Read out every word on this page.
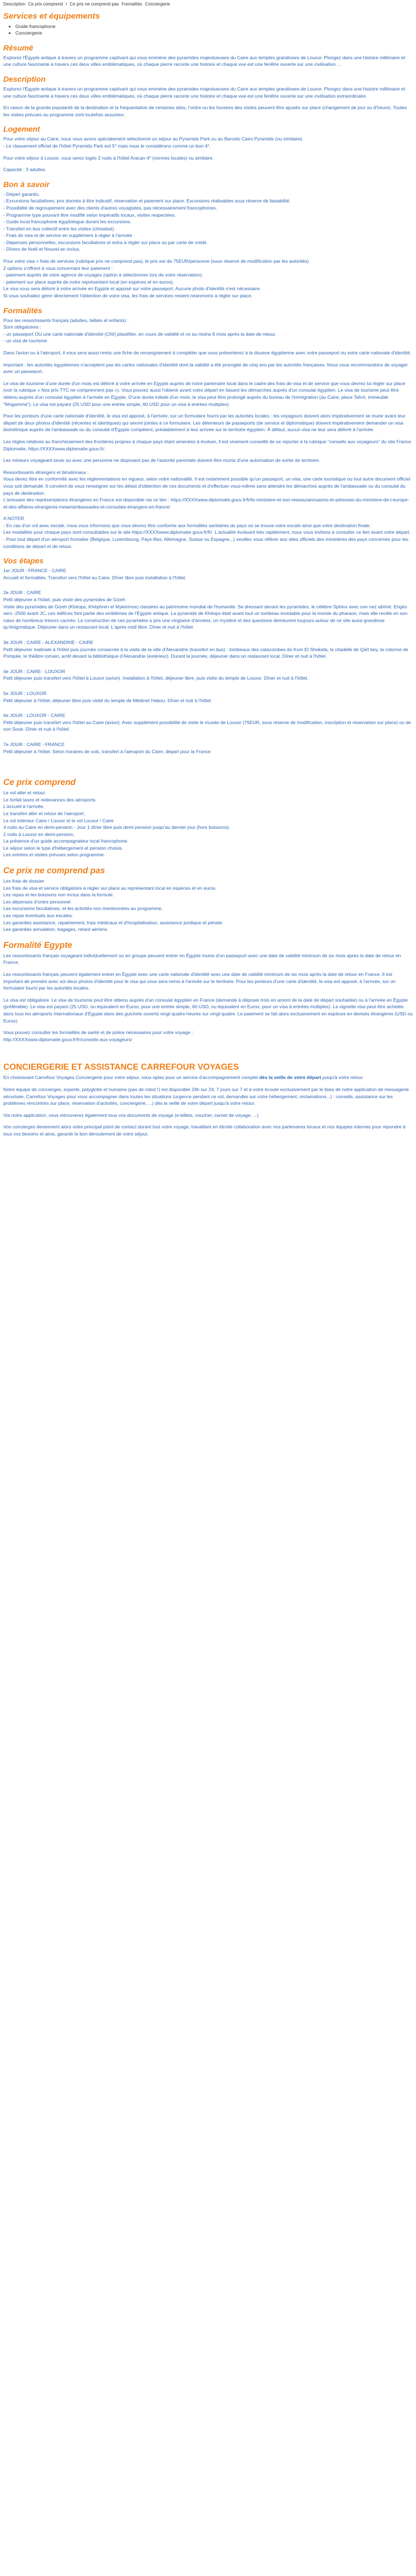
Description Ce prix comprend / Ce prix ne comprend pas Formalités Conciergerie
Services et équipements
• Guide francophone
• Conciergerie
Résumé

Explorez l'Égypte antique à travers un programme captivant qui vous emmène des pyramides majestueuses du Caire aux temples grandioses de Louxor. Plongez dans une histoire millénaire et une culture fascinante à travers ces deux villes emblématiques, où chaque pierre raconte une histoire et chaque vue est une fenêtre ouverte sur une civilisation ...

Description

Explorez l'Égypte antique à travers un programme captivant qui vous emmène des pyramides majestueuses du Caire aux temples grandioses de Louxor. Plongez dans une histoire millénaire et une culture fascinante à travers ces deux villes emblématiques, où chaque pierre raconte une histoire et chaque vue est une fenêtre ouverte sur une civilisation extraordinaire

En raison de la grande popularité de la destination et la fréquentation de certaines sites, l'ordre ou les horaires des visites peuvent être ajustés sur place (changement de jour ou d'heure). Toutes les visites prévues au programme sont toutefois assurées.

Logement
Pour votre séjour au Caire, nous vous avons spécialement sélectionné un séjour au Pyramids Park ou au Barcelo Cairo Pyramids (ou similaire).
- Le classement officiel de l'hôtel Pyramids Park est 5* mais nous le considérons comme un bon 4*.
Pour votre séjour à Louxor, vous serez logés 2 nuits à l'hôtel Aracan 4* (normes locales) ou similaire.
Capacité : 3 adultes.
Bon à savoir
- Départ garantis.
- Excursions facultatives, prix donnés à titre indicatif, réservation et paiement sur place. Excursions réalisables sous réserve de faisabilité.
- Possibilité de regroupement avec des clients d'autres voyagistes, pas nécessairement francophones.
- Programme type pouvant être modifié selon impératifs locaux, visites respectées.
- Guide local francophone égyptologue durant les excursions.
- Transfert en bus collectif entre les visites (climatisé).
- Frais de visa et de service en supplément à régler à l'arrivée
- Dépenses personnelles, excursions facultatives et extra à régler sur place ou par carte de crédit.
- Dîners de Noël et Nouvel an inclus.
Pour votre visa + frais de services (rubrique prix ne comprend pas), le prix est de 75EUR/personne (sous réserve de modification par les autorités)
2 options s'offrent à vous concernant leur paiement :
- paiement auprès de votre agence de voyages (option à sélectionner lors de votre réservation).
- paiement sur place auprès de notre représentant local (en espèces et en euros).
Le visa vous sera délivré à votre arrivée en Egypte et apposé sur votre passeport. Aucune photo d'identité n'est nécessaire.
Si vous souhaitez gérer directement l'obtention de votre visa, les frais de services restent néanmoins à régler sur place.
Formalités
Pour les ressortissants français (adultes, bébés et enfants) :
Sont obligatoires :
- un passeport OU une carte nationale d'identité (CNI) plastifiée, en cours de validité et ce au moins 6 mois après la date de retour,
- un visa de tourisme

Dans l'avion ou à l'aéroport, il vous sera aussi remis une fiche de renseignement à compléter que vous présenterez à la douane égyptienne avec votre passeport ou votre carte nationale d'identité.

Important : les autorités égyptiennes n'acceptent pas les cartes nationales d'identité dont la validité a été prorogée de cinq ans par les autorités françaises. Nous vous recommandons de voyager avec un passeport.

Le visa de tourisme d'une durée d'un mois est délivré à votre arrivée en Egypte auprès de notre partenaire local dans le cadre des frais de visa et de service que vous devrez lui régler sur place (voir la rubrique « Nos prix TTC ne comprennent pas »). Vous pouvez aussi l'obtenir avant votre départ en faisant les démarches auprès d'un consulat égyptien. Le visa de tourisme peut être obtenu auprès d'un consulat égyptien à l'arrivée en Égypte. D'une durée initiale d'un mois, le visa peut être prolongé auprès du bureau de l'immigration (au Caire, place Tahrir, immeuble "Mogamma"). Le visa est payant (25 USD pour une entrée simple, 60 USD pour un visa à entrées multiples).

Pour les porteurs d'une carte nationale d'identité, le visa est apposé, à l'arrivée, sur un formulaire fourni par les autorités locales : les voyageurs doivent alors impérativement se munir avant leur départ de deux photos d'identité (récentes et identiques) qui seront jointes à ce formulaire. Les détenteurs de passeports (de service et diplomatique) doivent impérativement demander un visa biométrique auprès de l'ambassade ou du consulat d'Égypte compétent, préalablement à leur arrivée sur le territoire égyptien. À défaut, aucun visa ne leur sera délivré à l'arrivée.

Les règles relatives au franchissement des frontières propres à chaque pays étant amenées à évoluer, il est vivement conseillé de se reporter à la rubrique "conseils aux voyageurs" du site France Diplomatie, https://XXXXwww.diplomatie.gouv.fr/.

Les mineurs voyageant seuls ou avec une personne ne disposant pas de l'autorité parentale doivent être munis d'une autorisation de sortie de territoire.

Ressortissants étrangers et binationaux :
Vous devez être en conformité avec les réglementations en vigueur, selon votre nationalité. Il est notamment possible qu'un passeport, un visa, une carte touristique ou tout autre document officiel vous soit demandé. Il convient de vous renseigner sur les délais d'obtention de ces documents et d'effectuer vous-même sans attendre les démarches auprès de l'ambassade ou du consulat du pays de destination.
L'annuaire des représentations étrangères en France est disponible via ce lien : https://XXXXwww.diplomatie.gouv.fr/fr/le-ministere-et-son-reseau/annuaires-et-adresses-du-ministere-de-l-europe-et-des-affaires-etrangeres-meae/ambassades-et-consulats-etrangers-en-france/
A NOTER
- En cas d'un vol avec escale, nous vous informons que vous devrez être conforme aux formalités sanitaires du pays où se trouve votre escale ainsi que votre destination finale.
Les modalités pour chaque pays sont consultables sur le site https://XXXXwww.diplomatie.gouv.fr/fr/. L'actualité évoluant très rapidement, nous vous invitons à consulter ce lien avant votre départ.
- Pour tout départ d'un aéroport frontalier (Belgique, Luxembourg, Pays-Bas, Allemagne, Suisse ou Espagne...) veuillez vous référer aux sites officiels des ministères des pays concernés pour les conditions de départ et de retour.
Vos étapes
1er JOUR : FRANCE - CAIRE
Accueil et formalités. Transfert vers l'hôtel au Caire. Dîner libre puis installation à l'hôtel.
2e JOUR : CAIRE
Petit déjeuner à l'hôtel, puis visite des pyramides de Gizeh
Visite des pyramides de Gizeh (Khéops, Khéphren et Mykérinos) classées au patrimoine mondial de l'humanité. Se dressant devant les pyramides, le célèbre Sphinx avec son nez abîmé. Erigés vers -2500 avant JC, ces édifices font partie des emblèmes de l'Égypte antique. La pyramide de Khéops était avant tout un tombeau inviolable pour la momie du pharaon, mais elle recèle en son cœur de nombreux trésors cachés. La construction de ces pyramides a pris une vingtaine d'années, un mystère et des questions demeurent toujours autour de ce site aussi grandiose qu'énigmatique. Déjeuner dans un restaurant local. L'après-midi libre. Dîner et nuit à l'hôtel.
3e JOUR : CAIRE - ALEXANDRIE - CAIRE
Petit déjeuner matinale à l'hôtel puis journée consacrée à la visite de la ville d'Alexandrie (transfert en bus) : tombeaux des catacombes de Kom El Shokafa, la citadelle de Qaït bey, la colonne de Pompée, le théâtre romain, arrêt devant la bibliothèque d'Alexandrie (extérieur). Durant la journée, déjeuner dans un restaurant local. Dîner et nuit à l'hôtel.
4e JOUR : CAIRE - LOUXOR
Petit déjeuner puis transfert vers l'hôtel à Louxor (avion). Installation à l'hôtel, déjeuner libre, puis visite du temple de Louxor. Dîner et nuit à l'hôtel.
5e JOUR : LOUXOR
Petit déjeuner à l'hôtel, déjeuner libre puis visité du temple de Médinet Habou. Dîner et nuit à l'hôtel.
6e JOUR : LOUXOR - CAIRE
Petit déjeuner puis transfert vers l'hôtel au Caire (avion). Avec supplément possibilité de visite le musée de Louxor (75EUR, sous réserve de modification, inscription et réservation sur place) ou de son Souk. Dîner et nuit à l'hôtel.
7e JOUR : CAIRE - FRANCE
Petit déjeuner à l'hôtel. Selon horaires de vols, transfert à l'aéroport du Caire, départ pour la France
Ce prix comprend
Le vol aller et retour.
Le forfait taxes et redevances des aéroports.
L'accueil à l'arrivée.
Le transfert aller et retour de l'aéroport.
Le vol intérieur Caire / Louxor et le vol Louxor / Caire
4 nuits au Caire en demi-pension - Jour 1 dîner libre puis demi pension jusqu'au dernier jour (hors boissons).
2 nuits à Louxor en demi-pension,
La présence d'un guide accompagnateur local francophone.
Le séjour selon le type d'hébergement et pension choisis.
Les entrées et visites prévues selon programme.
Ce prix ne comprend pas
Les frais de dossier.
Les frais de visa et service obligatoire à régler sur place au représentant local en espèces et en euros.
Les repas et les boissons non inclus dans la formule.
Les dépenses d'ordre personnel
Les excursions facultatives, et les activités non mentionnées au programme.
Les repas éventuels aux escales.
Les garanties assistance, rapatriement, frais médicaux et d'hospitalisation, assistance juridique et pénale.
Les garanties annulation, bagages, retard aériens.
Formalité Egypte

Les ressortissants français voyageant individuellement ou en groupe peuvent entrer en Égypte munis d'un passeport avec une date de validité minimum de six mois après la date de retour en France.

Les ressortissants français peuvent également entrer en Égypte avec une carte nationale d'identité avec une date de validité minimum de six mois après la date de retour en France. Il est important de prendre avec soi deux photos d'identité pour le visa qui vous sera remis à l'arrivée sur le territoire. Pour les porteurs d'une carte d'identité, le visa est apposé, à l'arrivée, sur un formulaire fourni par les autorités locales.

Le visa est obligatoire. Le visa de tourisme peut être obtenu auprès d'un consulat égyptien en France (demande à déposer trois en amont de la date de départ souhaitée) ou à l'arrivée en Égypte (préférable). Le visa est payant (25 USD, ou équivalent en Euros, pour une entrée simple, 60 USD, ou équivalent en Euros, pour un visa à entrées multiples). La vignette visa peut être achetée dans tous les aéroports internationaux d'Égypte dans des guichets ouverts vingt-quatre heures sur vingt-quatre. Le paiement se fait alors exclusivement en espèces en devises étrangères (USD ou Euros).

Vous pouvez consulter les formalités de santé et de police nécessaires pour votre voyage :
http://XXXXwww.diplomatie.gouv.fr/fr/conseils-aux-voyageurs/
CONCIERGERIE ET ASSISTANCE CARREFOUR VOYAGES

En choisissant Carrefour Voyages Conciergerie pour votre séjour, vous optez pour un service d'accompagnement complet dès la veille de votre départ jusqu'à votre retour.

Notre équipe de concierges, experte, polyglotte et humaine (pas de robot !) est disponible 24h sur 24, 7 jours sur 7 et à votre écoute exclusivement par le biais de notre application de messagerie sécurisée, Carrefour Voyages pour vous accompagner dans toutes les situations (urgence pendant ce vol, demandes sur votre hébergement, réclamations...) : conseils, assistance sur les problèmes rencontrés sur place, réservation d'activités, conciergerie, ...) dès la veille de votre départ jusqu'à votre retour.

Via notre application, vous retrouverez également tous vos documents de voyage (e-billets, voucher, carnet de voyage, ...)

Vos concierges deviennent alors votre principal point de contact durant tout votre voyage, travaillant en étroite collaboration avec nos partenaires locaux et nos équipes internes pour répondre à tous vos besoins et ainsi, garantir le bon déroulement de votre séjour.
